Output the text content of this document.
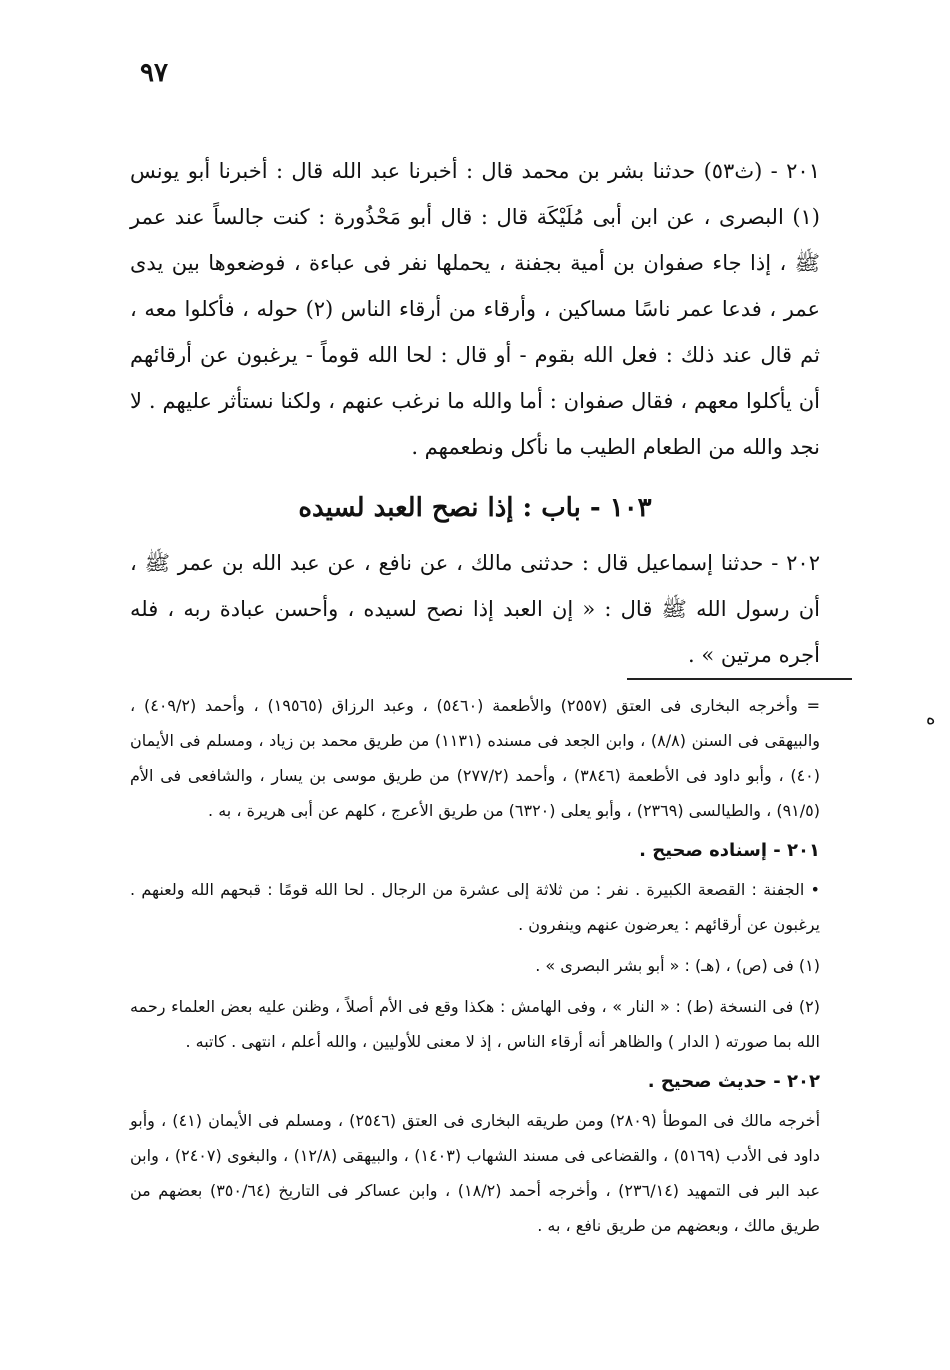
٩٧

٢٠١ - (ث٥٣) حدثنا بشر بن محمد قال : أخبرنا عبد الله قال : أخبرنا أبو يونس (١) البصرى ، عن ابن أبى مُلَيْكَة قال : قال أبو مَحْذُورة : كنت جالساً عند عمر ﷺ ، إذا جاء صفوان بن أمية بجفنة ، يحملها نفر فى عباءة ، فوضعوها بين يدى عمر ، فدعا عمر ناسًا مساكين ، وأرقاء من أرقاء الناس (٢) حوله ، فأكلوا معه ، ثم قال عند ذلك : فعل الله بقوم - أو قال : لحا الله قوماً - يرغبون عن أرقائهم أن يأكلوا معهم ، فقال صفوان : أما والله ما نرغب عنهم ، ولكنا نستأثر عليهم . لا نجد والله من الطعام الطيب ما نأكل ونطعمهم .

١٠٣ - باب : إذا نصح العبد لسيده

٢٠٢ - حدثنا إسماعيل قال : حدثنى مالك ، عن نافع ، عن عبد الله بن عمر ﷺ ، أن رسول الله ﷺ قال : « إن العبد إذا نصح لسيده ، وأحسن عبادة ربه ، فله أجره مرتين » .

ﻩ

= وأخرجه البخارى فى العتق (٢٥٥٧) والأطعمة (٥٤٦٠) ، وعبد الرزاق (١٩٥٦٥) ، وأحمد (٤٠٩/٢) ، والبيهقى فى السنن (٨/٨) ، وابن الجعد فى مسنده (١١٣١) من طريق محمد بن زياد ، ومسلم فى الأيمان (٤٠) ، وأبو داود فى الأطعمة (٣٨٤٦) ، وأحمد (٢٧٧/٢) من طريق موسى بن يسار ، والشافعى فى الأم (٩١/٥) ، والطيالسى (٢٣٦٩) ، وأبو يعلى (٦٣٢٠) من طريق الأعرج ، كلهم عن أبى هريرة ، به .

٢٠١ - إسناده صحيح .

• الجفنة : القصعة الكبيرة . نفر : من ثلاثة إلى عشرة من الرجال . لحا الله قومًا : قبحهم الله ولعنهم . يرغبون عن أرقائهم : يعرضون عنهم وينفرون .

(١) فى (ص) ، (هـ) : « أبو بشر البصرى » .

(٢) فى النسخة (ط) : « النار » ، وفى الهامش : هكذا وقع فى الأم أصلاً ، وظنن عليه بعض العلماء رحمه الله بما صورته ( الدار ) والظاهر أنه أرقاء الناس ، إذ لا معنى للأوليين ، والله أعلم ، انتهى . كاتبه .

٢٠٢ - حديث صحيح .

أخرجه مالك فى الموطأ (٢٨٠٩) ومن طريقه البخارى فى العتق (٢٥٤٦) ، ومسلم فى الأيمان (٤١) ، وأبو داود فى الأدب (٥١٦٩) ، والقضاعى فى مسند الشهاب (١٤٠٣) ، والبيهقى (١٢/٨) ، والبغوى (٢٤٠٧) ، وابن عبد البر فى التمهيد (٢٣٦/١٤) ، وأخرجه أحمد (١٨/٢) ، وابن عساكر فى التاريخ (٣٥٠/٦٤) بعضهم من طريق مالك ، وبعضهم من طريق نافع ، به .
